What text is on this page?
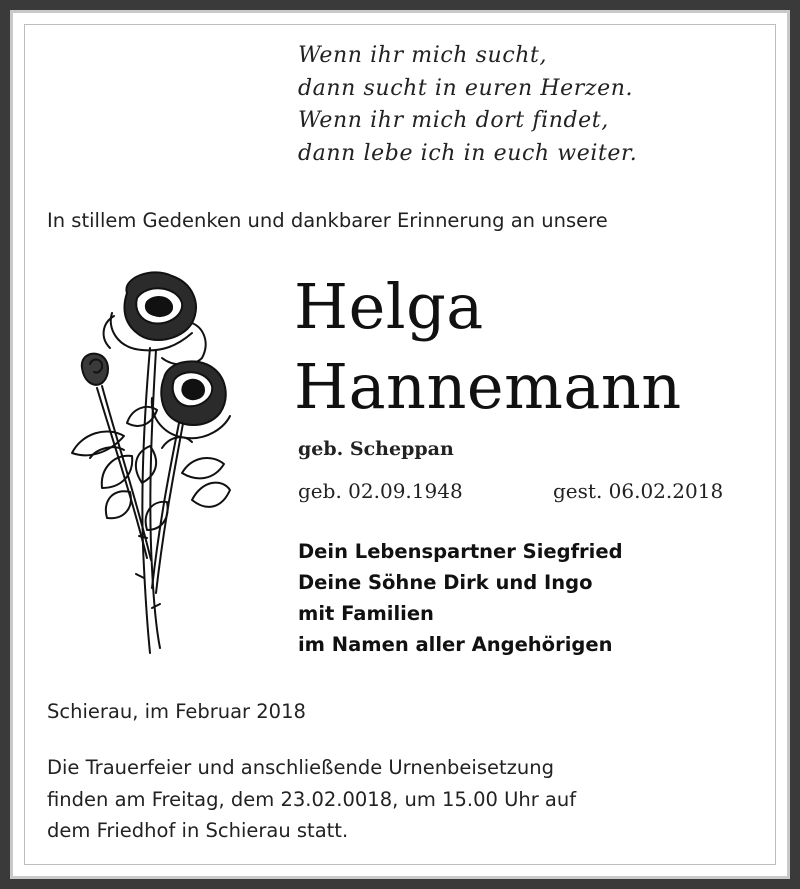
Wenn ihr mich sucht,
dann sucht in euren Herzen.
Wenn ihr mich dort findet,
dann lebe ich in euch weiter.
In stillem Gedenken und dankbarer Erinnerung an unsere
Helga
Hannemann
geb. Scheppan
geb. 02.09.1948	gest. 06.02.2018
Dein Lebenspartner Siegfried
Deine Söhne Dirk und Ingo
mit Familien
im Namen aller Angehörigen
Schierau, im Februar 2018
Die Trauerfeier und anschließende Urnenbeisetzung
finden am Freitag, dem 23.02.0018, um 15.00 Uhr auf
dem Friedhof in Schierau statt.
